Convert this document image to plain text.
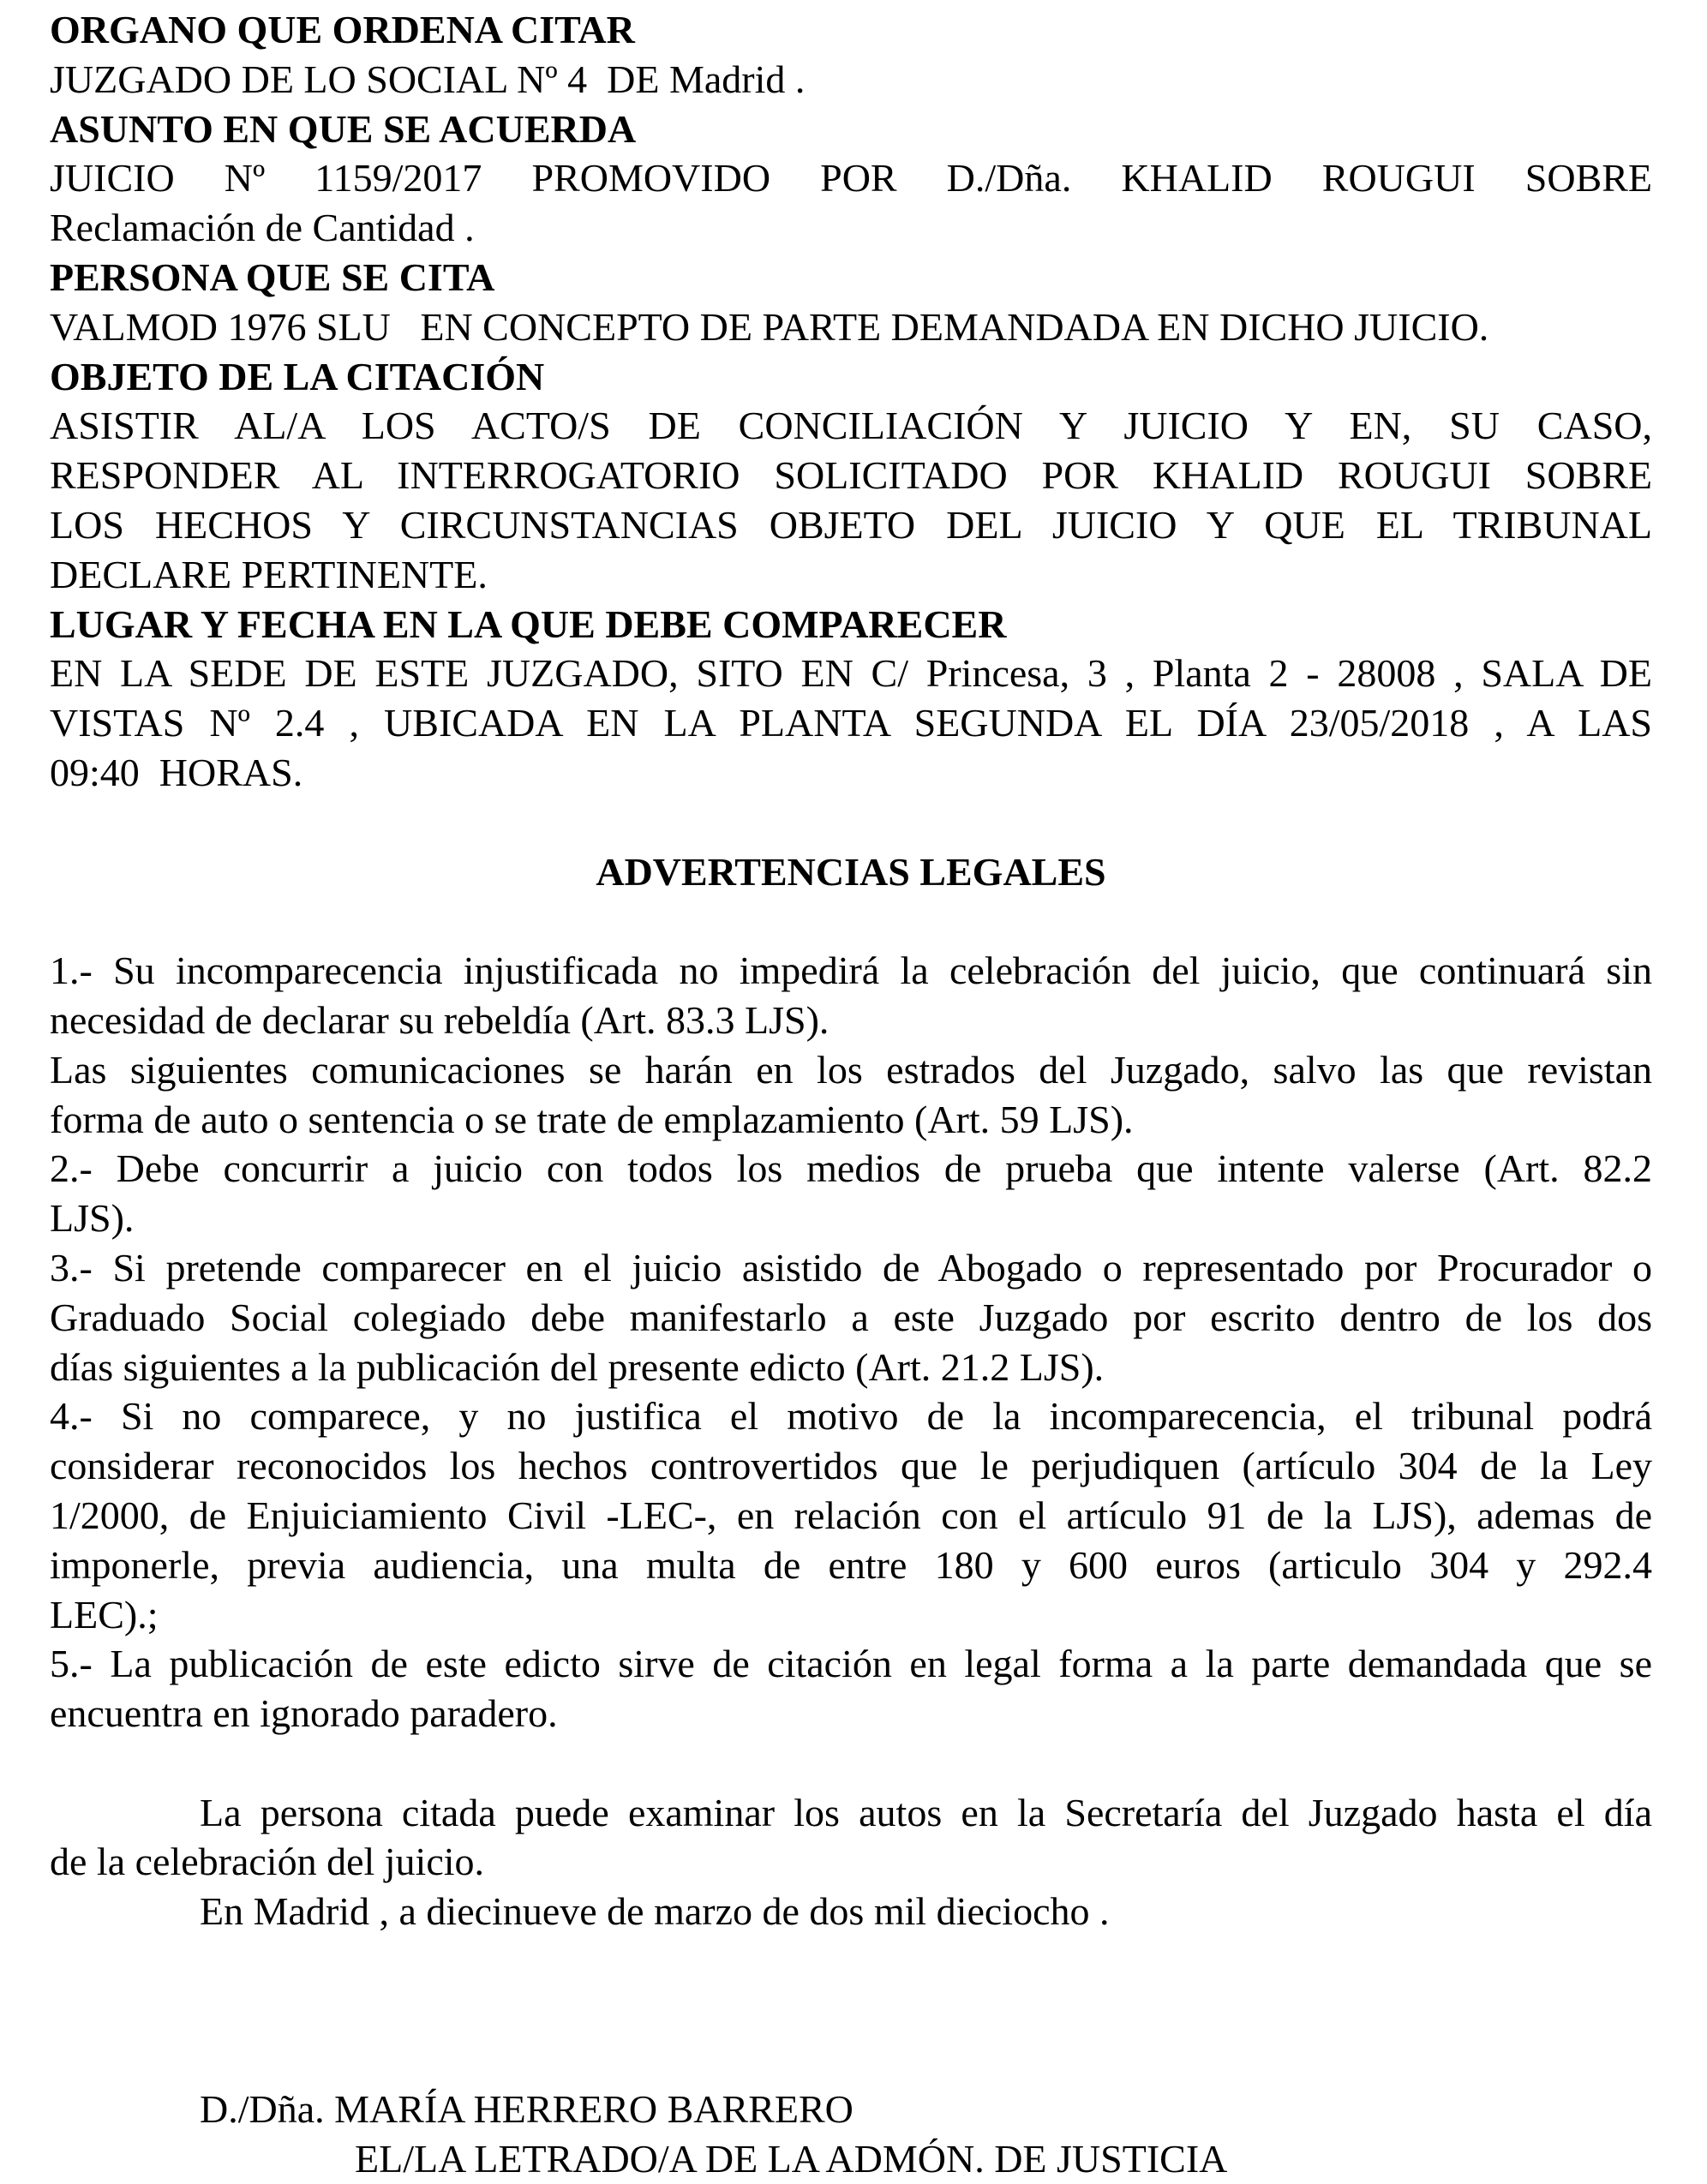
ORGANO QUE ORDENA CITAR
JUZGADO DE LO SOCIAL Nº 4  DE Madrid .
ASUNTO EN QUE SE ACUERDA
JUICIO Nº 1159/2017 PROMOVIDO POR D./Dña. KHALID ROUGUI SOBRE
Reclamación de Cantidad .
PERSONA QUE SE CITA
VALMOD 1976 SLU   EN CONCEPTO DE PARTE DEMANDADA EN DICHO JUICIO.
OBJETO DE LA CITACIÓN
ASISTIR AL/A LOS ACTO/S DE CONCILIACIÓN Y JUICIO Y EN, SU CASO,
RESPONDER AL INTERROGATORIO SOLICITADO POR KHALID ROUGUI SOBRE
LOS HECHOS Y CIRCUNSTANCIAS OBJETO DEL JUICIO Y QUE EL TRIBUNAL
DECLARE PERTINENTE.
LUGAR Y FECHA EN LA QUE DEBE COMPARECER
EN LA SEDE DE ESTE JUZGADO, SITO EN C/ Princesa, 3 , Planta 2 - 28008 , SALA DE
VISTAS Nº 2.4 , UBICADA EN LA PLANTA SEGUNDA EL DÍA 23/05/2018 , A LAS
09:40  HORAS.
ADVERTENCIAS LEGALES
1.- Su incomparecencia injustificada no impedirá la celebración del juicio, que continuará sin
necesidad de declarar su rebeldía (Art. 83.3 LJS).
Las siguientes comunicaciones se harán en los estrados del Juzgado, salvo las que revistan
forma de auto o sentencia o se trate de emplazamiento (Art. 59 LJS).
2.- Debe concurrir a juicio con todos los medios de prueba que intente valerse (Art. 82.2
LJS).
3.- Si pretende comparecer en el juicio asistido de Abogado o representado por Procurador o
Graduado Social colegiado debe manifestarlo a este Juzgado por escrito dentro de los dos
días siguientes a la publicación del presente edicto (Art. 21.2 LJS).
4.- Si no comparece, y no justifica el motivo de la incomparecencia, el tribunal podrá
considerar reconocidos los hechos controvertidos que le perjudiquen (artículo 304 de la Ley
1/2000, de Enjuiciamiento Civil -LEC-, en relación con el artículo 91 de la LJS), ademas de
imponerle, previa audiencia, una multa de entre 180 y 600 euros (articulo 304 y 292.4
LEC).;
5.- La publicación de este edicto sirve de citación en legal forma a la parte demandada que se
encuentra en ignorado paradero.
La persona citada puede examinar los autos en la Secretaría del Juzgado hasta el día
de la celebración del juicio.
En Madrid , a diecinueve de marzo de dos mil dieciocho .
D./Dña. MARÍA HERRERO BARRERO
EL/LA LETRADO/A DE LA ADMÓN. DE JUSTICIA
